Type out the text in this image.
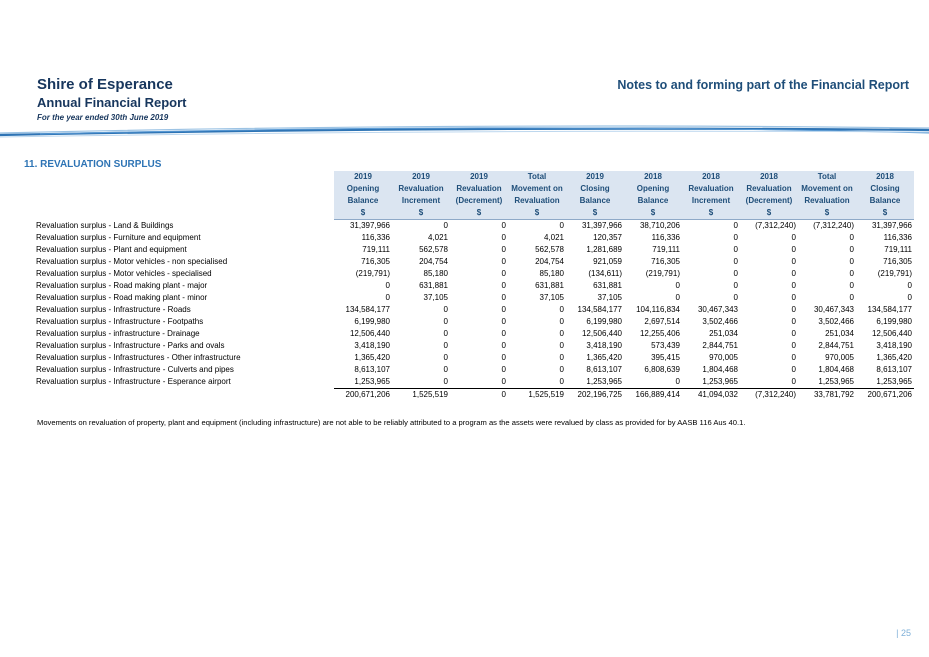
Shire of Esperance
Annual Financial Report
For the year ended 30th June 2019
Notes to and forming part of the Financial Report
11. REVALUATION SURPLUS
	2019	2019	2019	Total	2019	2018	2018	2018	Total	2018
	Opening	Revaluation	Revaluation	Movement on	Closing	Opening	Revaluation	Revaluation	Movement on	Closing
	Balance	Increment	(Decrement)	Revaluation	Balance	Balance	Increment	(Decrement)	Revaluation	Balance
	$	$	$	$	$	$	$	$	$	$
Revaluation surplus - Land & Buildings	31,397,966	0	0	0	31,397,966	38,710,206	0	(7,312,240)	(7,312,240)	31,397,966
Revaluation surplus - Furniture and equipment	116,336	4,021	0	4,021	120,357	116,336	0	0	0	116,336
Revaluation surplus - Plant and equipment	719,111	562,578	0	562,578	1,281,689	719,111	0	0	0	719,111
Revaluation surplus - Motor vehicles - non specialised	716,305	204,754	0	204,754	921,059	716,305	0	0	0	716,305
Revaluation surplus - Motor vehicles - specialised	(219,791)	85,180	0	85,180	(134,611)	(219,791)	0	0	0	(219,791)
Revaluation surplus - Road making plant - major	0	631,881	0	631,881	631,881	0	0	0	0	0
Revaluation surplus - Road making plant - minor	0	37,105	0	37,105	37,105	0	0	0	0	0
Revaluation surplus - Infrastructure - Roads	134,584,177	0	0	0	134,584,177	104,116,834	30,467,343	0	30,467,343	134,584,177
Revaluation surplus - Infrastructure - Footpaths	6,199,980	0	0	0	6,199,980	2,697,514	3,502,466	0	3,502,466	6,199,980
Revaluation surplus - infrastructure - Drainage	12,506,440	0	0	0	12,506,440	12,255,406	251,034	0	251,034	12,506,440
Revaluation surplus - Infrastructure - Parks and ovals	3,418,190	0	0	0	3,418,190	573,439	2,844,751	0	2,844,751	3,418,190
Revaluation surplus - Infrastructures - Other infrastructure	1,365,420	0	0	0	1,365,420	395,415	970,005	0	970,005	1,365,420
Revaluation surplus - Infrastructure - Culverts and pipes	8,613,107	0	0	0	8,613,107	6,808,639	1,804,468	0	1,804,468	8,613,107
Revaluation surplus - Infrastructure - Esperance airport	1,253,965	0	0	0	1,253,965	0	1,253,965	0	1,253,965	1,253,965
	200,671,206	1,525,519	0	1,525,519	202,196,725	166,889,414	41,094,032	(7,312,240)	33,781,792	200,671,206
Movements on revaluation of property, plant and equipment (including infrastructure) are not able to be reliably attributed to a program as the assets were revalued by class as provided for by AASB 116 Aus 40.1.
| 25
